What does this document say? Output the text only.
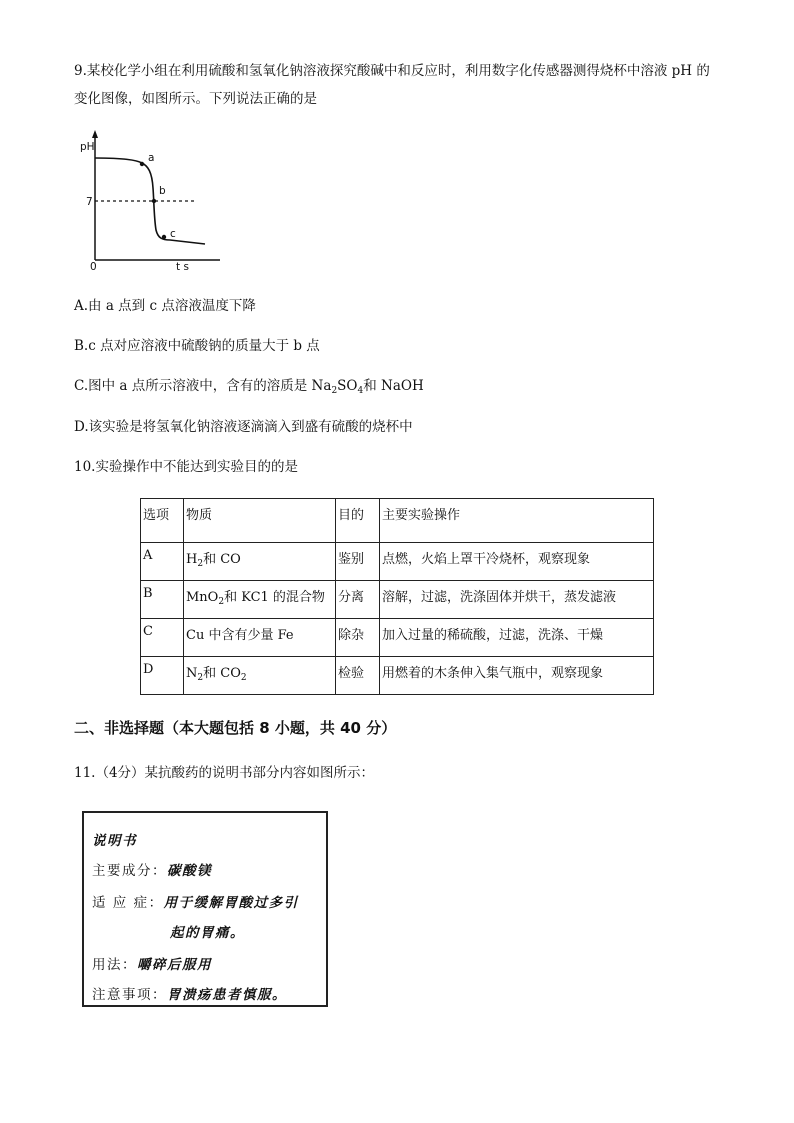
9.某校化学小组在利用硫酸和氢氧化钠溶液探究酸碱中和反应时，利用数字化传感器测得烧杯中溶液 pH 的
变化图像，如图所示。下列说法正确的是
pH
7
0	t s
a
b
c
A.由 a 点到 c 点溶液温度下降
B.c 点对应溶液中硫酸钠的质量大于 b 点
C.图中 a 点所示溶液中，含有的溶质是 $Na_2SO_4$和 NaOH
D.该实验是将氢氧化钠溶液逐滴滴入到盛有硫酸的烧杯中
10.实验操作中不能达到实验目的的是
选项	物质	目的	主要实验操作
A	$H_2$和 CO	鉴别	点燃，火焰上罩干冷烧杯，观察现象
B	MnO$_2$和 KC1 的混合物	分离	溶解，过滤，洗涤固体并烘干，蒸发滤液
C	Cu 中含有少量 Fe	除杂	加入过量的稀硫酸，过滤，洗涤、干燥
D	$N_2$和 $CO_2$	检验	用燃着的木条伸入集气瓶中，观察现象
二、非选择题（本大题包括 8 小题，共 40 分）
11.（4分）某抗酸药的说明书部分内容如图所示：
说明书
主要成分：碳酸镁
适 应 症：用于缓解胃酸过多引
起的胃痛。
用法：嚼碎后服用
注意事项：胃溃疡患者慎服。
